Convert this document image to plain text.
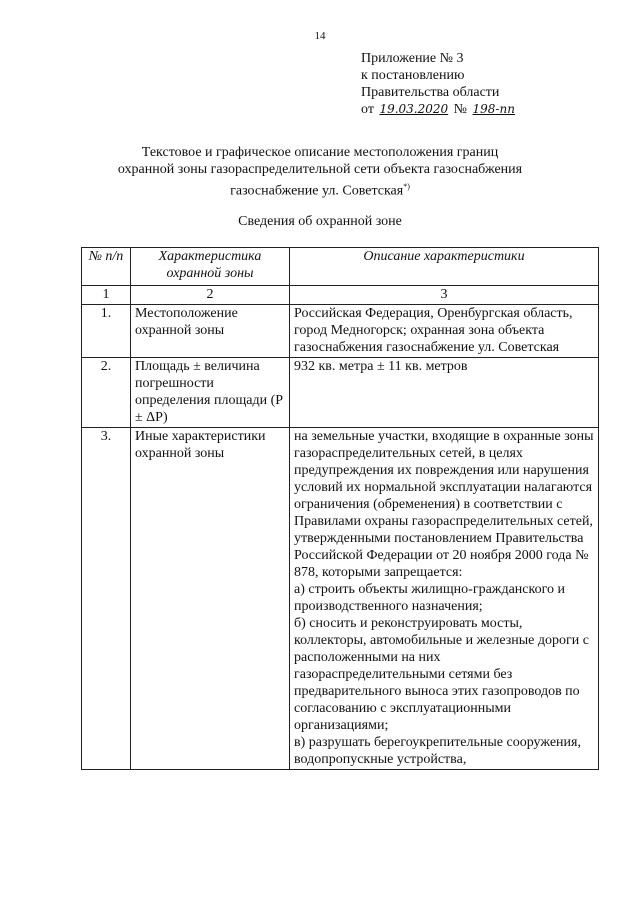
14
Приложение № 3
к постановлению
Правительства области
от 19.03.2020 № 198-пп
Текстовое и графическое описание местоположения границ
охранной зоны газораспределительной сети объекта газоснабжения
газоснабжение ул. Советская*)
Сведения об охранной зоне
№ п/п	Характеристика охранной зоны	Описание характеристики
1	2	3
1.	Местоположение охранной зоны	Российская Федерация, Оренбургская область, город Медногорск; охранная зона объекта газоснабжения газоснабжение ул. Советская
2.	Площадь ± величина погрешности определения площади (P ± ΔP)	932 кв. метра ± 11 кв. метров
3.	Иные характеристики охранной зоны	на земельные участки, входящие в охранные зоны газораспределительных сетей, в целях предупреждения их повреждения или нарушения условий их нормальной эксплуатации налагаются ограничения (обременения) в соответствии с Правилами охраны газораспределительных сетей, утвержденными постановлением Правительства Российской Федерации от 20 ноября 2000 года № 878, которыми запрещается:
а) строить объекты жилищно-гражданского и производственного назначения;
б) сносить и реконструировать мосты, коллекторы, автомобильные и железные дороги с расположенными на них газораспределительными сетями без предварительного выноса этих газопроводов по согласованию с эксплуатационными организациями;
в) разрушать берегоукрепительные сооружения, водопропускные устройства,
